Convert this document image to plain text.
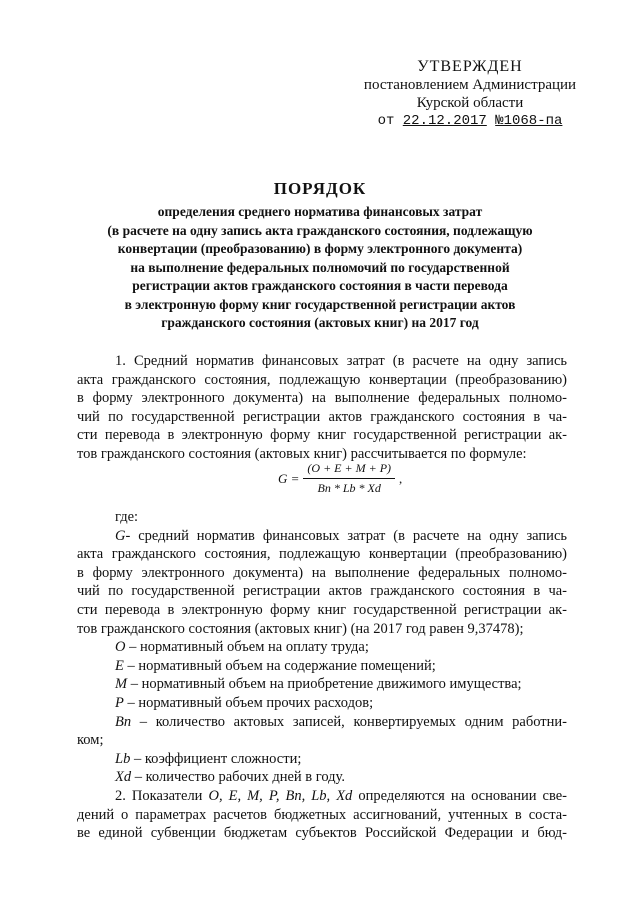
УТВЕРЖДЕН
постановлением Администрации
Курской области
от 22.12.2017 №1068-па
ПОРЯДОК
определения среднего норматива финансовых затрат
(в расчете на одну запись акта гражданского состояния, подлежащую
конвертации (преобразованию) в форму электронного документа)
на выполнение федеральных полномочий по государственной
регистрации актов гражданского состояния в части перевода
в электронную форму книг государственной регистрации актов
гражданского состояния (актовых книг) на 2017 год
1. Средний норматив финансовых затрат (в расчете на одну запись
акта гражданского состояния, подлежащую конвертации (преобразованию)
в форму электронного документа) на выполнение федеральных полномо-
чий по государственной регистрации актов гражданского состояния в ча-
сти перевода в электронную форму книг государственной регистрации ак-
тов гражданского состояния (актовых книг) рассчитывается по формуле:
$G = \frac{(O + E + M + P)}{Bn * Lb * Xd}$ ,
где:
G- средний норматив финансовых затрат (в расчете на одну запись
акта гражданского состояния, подлежащую конвертации (преобразованию)
в форму электронного документа) на выполнение федеральных полномо-
чий по государственной регистрации актов гражданского состояния в ча-
сти перевода в электронную форму книг государственной регистрации ак-
тов гражданского состояния (актовых книг) (на 2017 год равен 9,37478);
O – нормативный объем на оплату труда;
E – нормативный объем на содержание помещений;
M – нормативный объем на приобретение движимого имущества;
P – нормативный объем прочих расходов;
Bn – количество актовых записей, конвертируемых одним работни-
ком;
Lb – коэффициент сложности;
Xd – количество рабочих дней в году.
2. Показатели O, E, M, P, Bn, Lb, Xd определяются на основании све-
дений о параметрах расчетов бюджетных ассигнований, учтенных в соста-
ве единой субвенции бюджетам субъектов Российской Федерации и бюд-
